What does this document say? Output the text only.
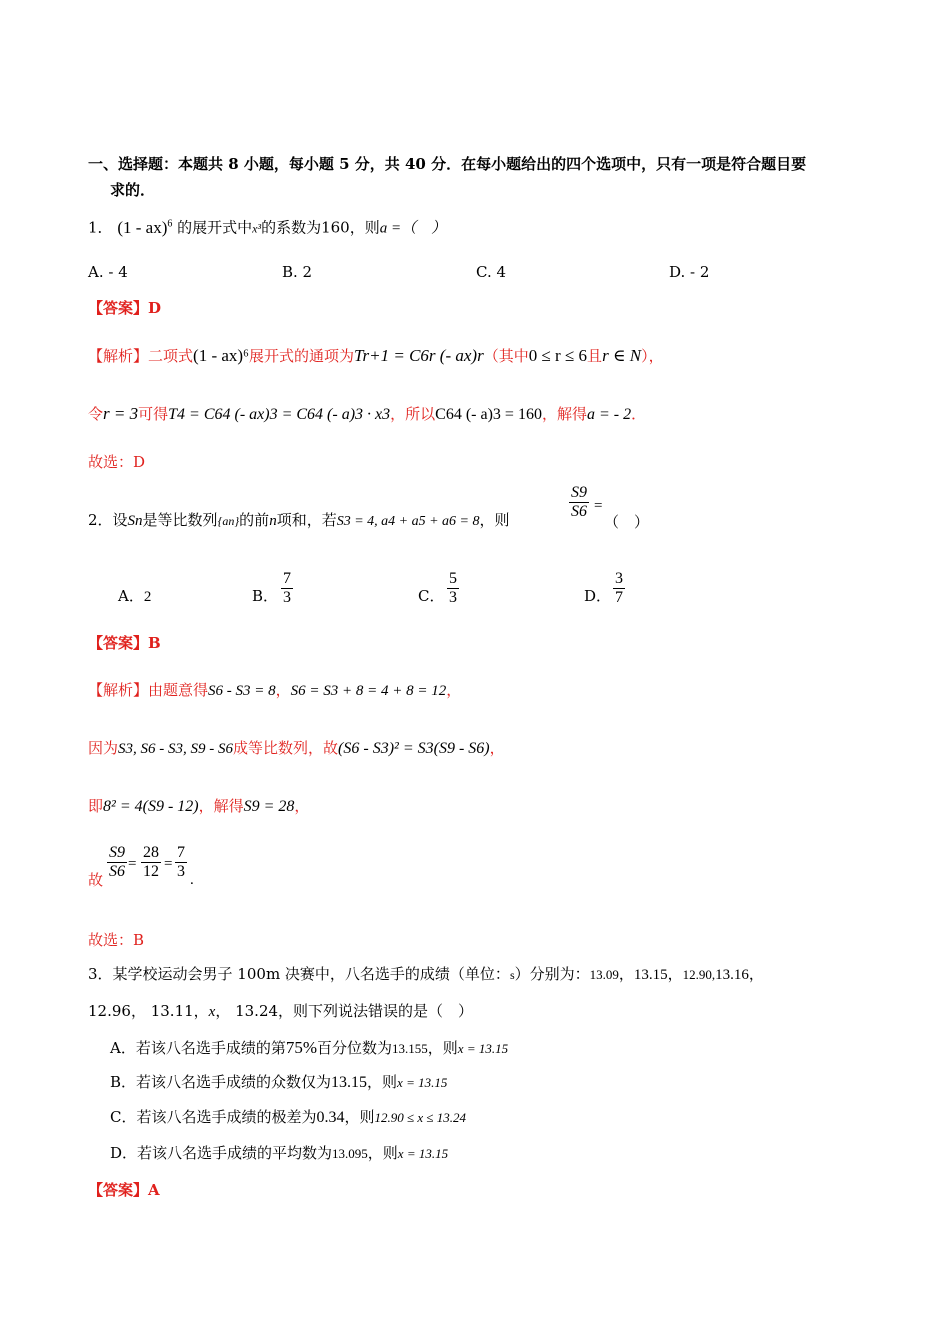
一、选择题：本题共 8 小题，每小题 5 分，共 40 分．在每小题给出的四个选项中，只有一项是符合题目要
求的．
1． (1 - ax)$^6$ 的展开式中x³的系数为160，则a =（　）
A. - 4	B. 2	C. 4	D. - 2
【答案】D
【解析】二项式(1 - ax)⁶展开式的通项为Tr+1 = C6r (- ax)r（其中0 ≤ r ≤ 6且r ∈ N），
令r = 3可得T4 = C64 (- ax)3 = C64 (- a)3 · x3，所以C64 (- a)3 = 160，解得a = - 2．
故选：D
2．设Sn是等比数列{an}的前n项和，若S3 = 4, a4 + a5 + a6 = 8，则	$\frac{S9}{S6}$ =
（　）
A．2	B． $\frac{7}{3}$	C． $\frac{5}{3}$	D． $\frac{3}{7}$
【答案】B
【解析】由题意得S6 - S3 = 8，S6 = S3 + 8 = 4 + 8 = 12，
因为S3, S6 - S3, S9 - S6成等比数列，故(S6 - S3)² = S3(S9 - S6)，
即8² = 4(S9 - 12)，解得S9 = 28，
故 $\frac{S9}{S6} = \frac{28}{12} = \frac{7}{3}$ .
故选：B
3．某学校运动会男子 100m 决赛中，八名选手的成绩（单位：s）分别为：13.09，13.15，12.90,13.16，
12.96， 13.11，x， 13.24，则下列说法错误的是（　）
A．若该八名选手成绩的第75%百分位数为13.155，则x = 13.15
B．若该八名选手成绩的众数仅为13.15，则x = 13.15
C．若该八名选手成绩的极差为0.34，则12.90 ≤ x ≤ 13.24
D．若该八名选手成绩的平均数为13.095，则x = 13.15
【答案】A
